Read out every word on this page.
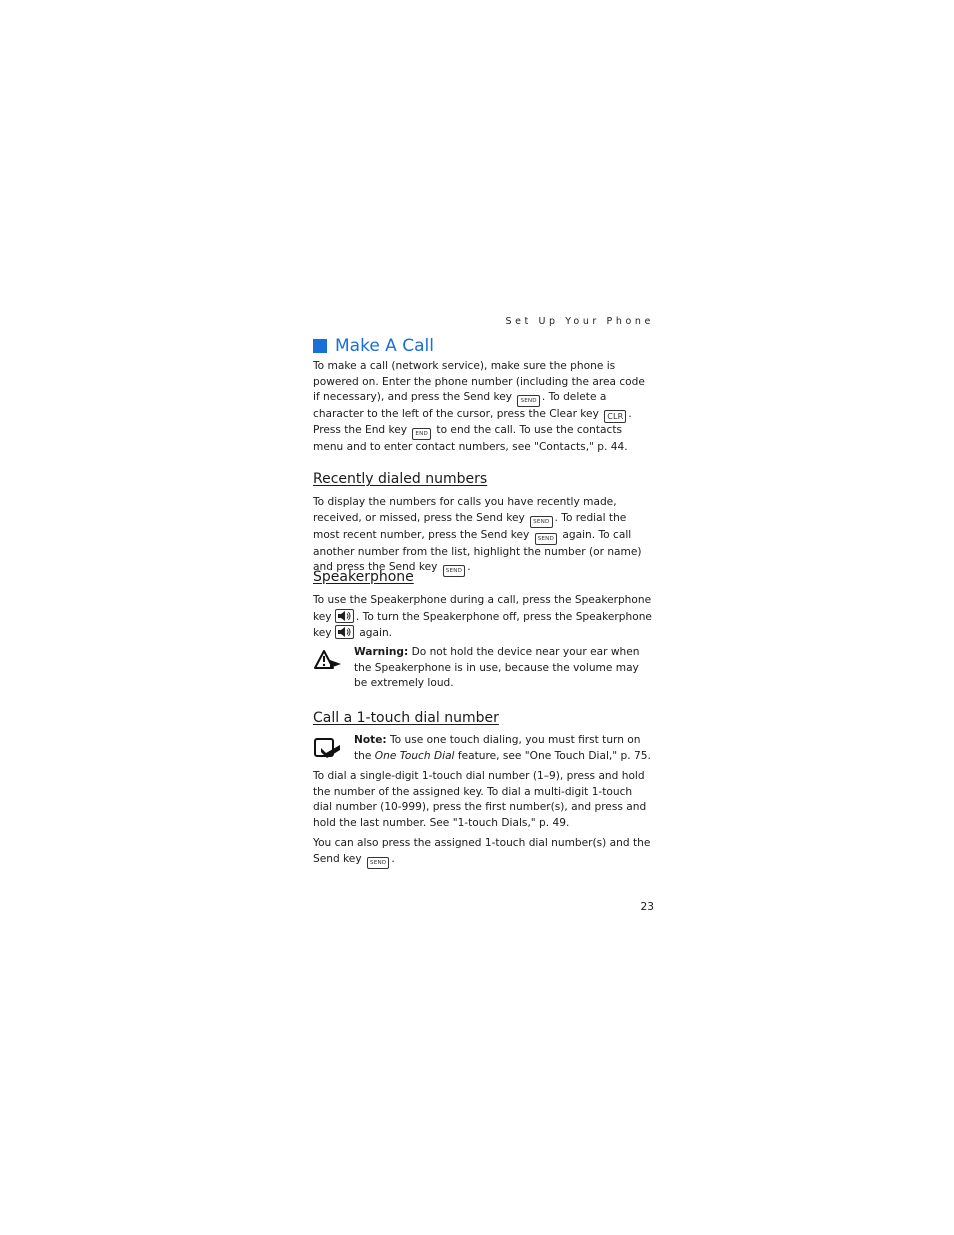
Set Up Your Phone
Make A Call
To make a call (network service), make sure the phone is powered on. Enter the phone number (including the area code if necessary), and press the Send key SEND . To delete a character to the left of the cursor, press the Clear key CLR . Press the End key END to end the call. To use the contacts menu and to enter contact numbers, see "Contacts," p. 44.
Recently dialed numbers
To display the numbers for calls you have recently made, received, or missed, press the Send key SEND . To redial the most recent number, press the Send key SEND again. To call another number from the list, highlight the number (or name) and press the Send key SEND .
Speakerphone
To use the Speakerphone during a call, press the Speakerphone key . To turn the Speakerphone off, press the Speakerphone key
again.
Warning: Do not hold the device near your ear when the Speakerphone is in use, because the volume may be extremely loud.
Call a 1-touch dial number
Note: To use one touch dialing, you must first turn on the One Touch Dial feature, see "One Touch Dial," p. 75.
To dial a single-digit 1-touch dial number (1–9), press and hold the number of the assigned key. To dial a multi-digit 1-touch dial number (10-999), press the first number(s), and press and hold the last number. See "1-touch Dials," p. 49.
You can also press the assigned 1-touch dial number(s) and the Send key SEND .
23
